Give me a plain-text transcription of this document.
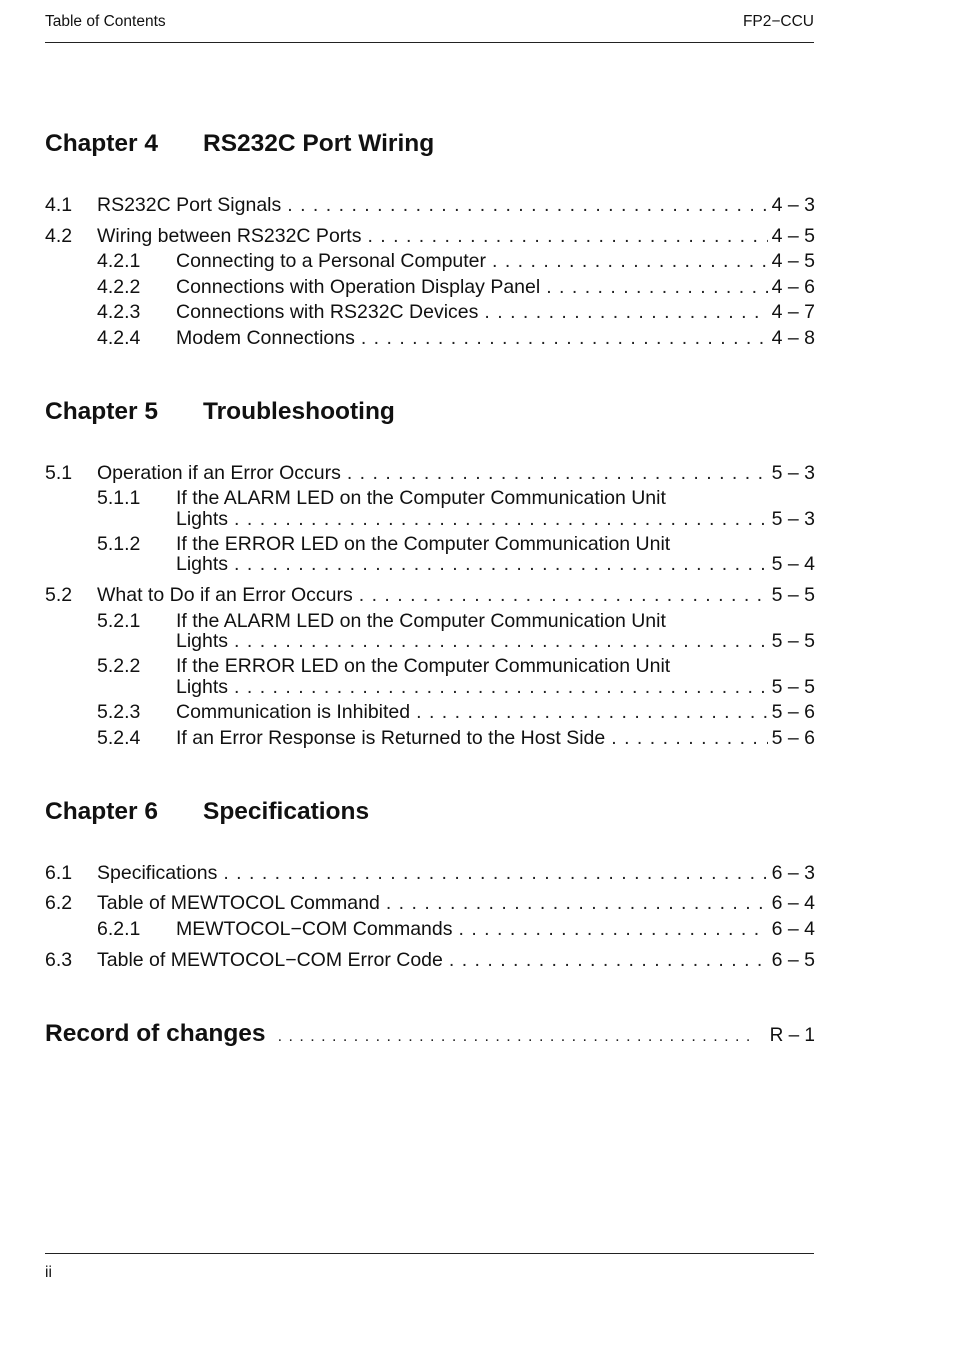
Table of Contents	FP2−CCU
Chapter 4 RS232C Port Wiring
4.1 RS232C Port Signals . . .	4 – 3
4.2 Wiring between RS232C Ports . . .	4 – 5
4.2.1 Connecting to a Personal Computer . . .	4 – 5
4.2.2 Connections with Operation Display Panel . . .	4 – 6
4.2.3 Connections with RS232C Devices . . .	4 – 7
4.2.4 Modem Connections . . .	4 – 8
Chapter 5 Troubleshooting
5.1 Operation if an Error Occurs . . .	5 – 3
5.1.1 If the ALARM LED on the Computer Communication Unit
Lights . . .	5 – 3
5.1.2 If the ERROR LED on the Computer Communication Unit
Lights . . .	5 – 4
5.2 What to Do if an Error Occurs . . .	5 – 5
5.2.1 If the ALARM LED on the Computer Communication Unit
Lights . . .	5 – 5
5.2.2 If the ERROR LED on the Computer Communication Unit
Lights . . .	5 – 5
5.2.3 Communication is Inhibited . . .	5 – 6
5.2.4 If an Error Response is Returned to the Host Side . . .	5 – 6
Chapter 6 Specifications
6.1 Specifications . . .	6 – 3
6.2 Table of MEWTOCOL Command . . .	6 – 4
6.2.1 MEWTOCOL−COM Commands . . .	6 – 4
6.3 Table of MEWTOCOL−COM Error Code . . .	6 – 5
Record of changes . . .	R – 1
ii
